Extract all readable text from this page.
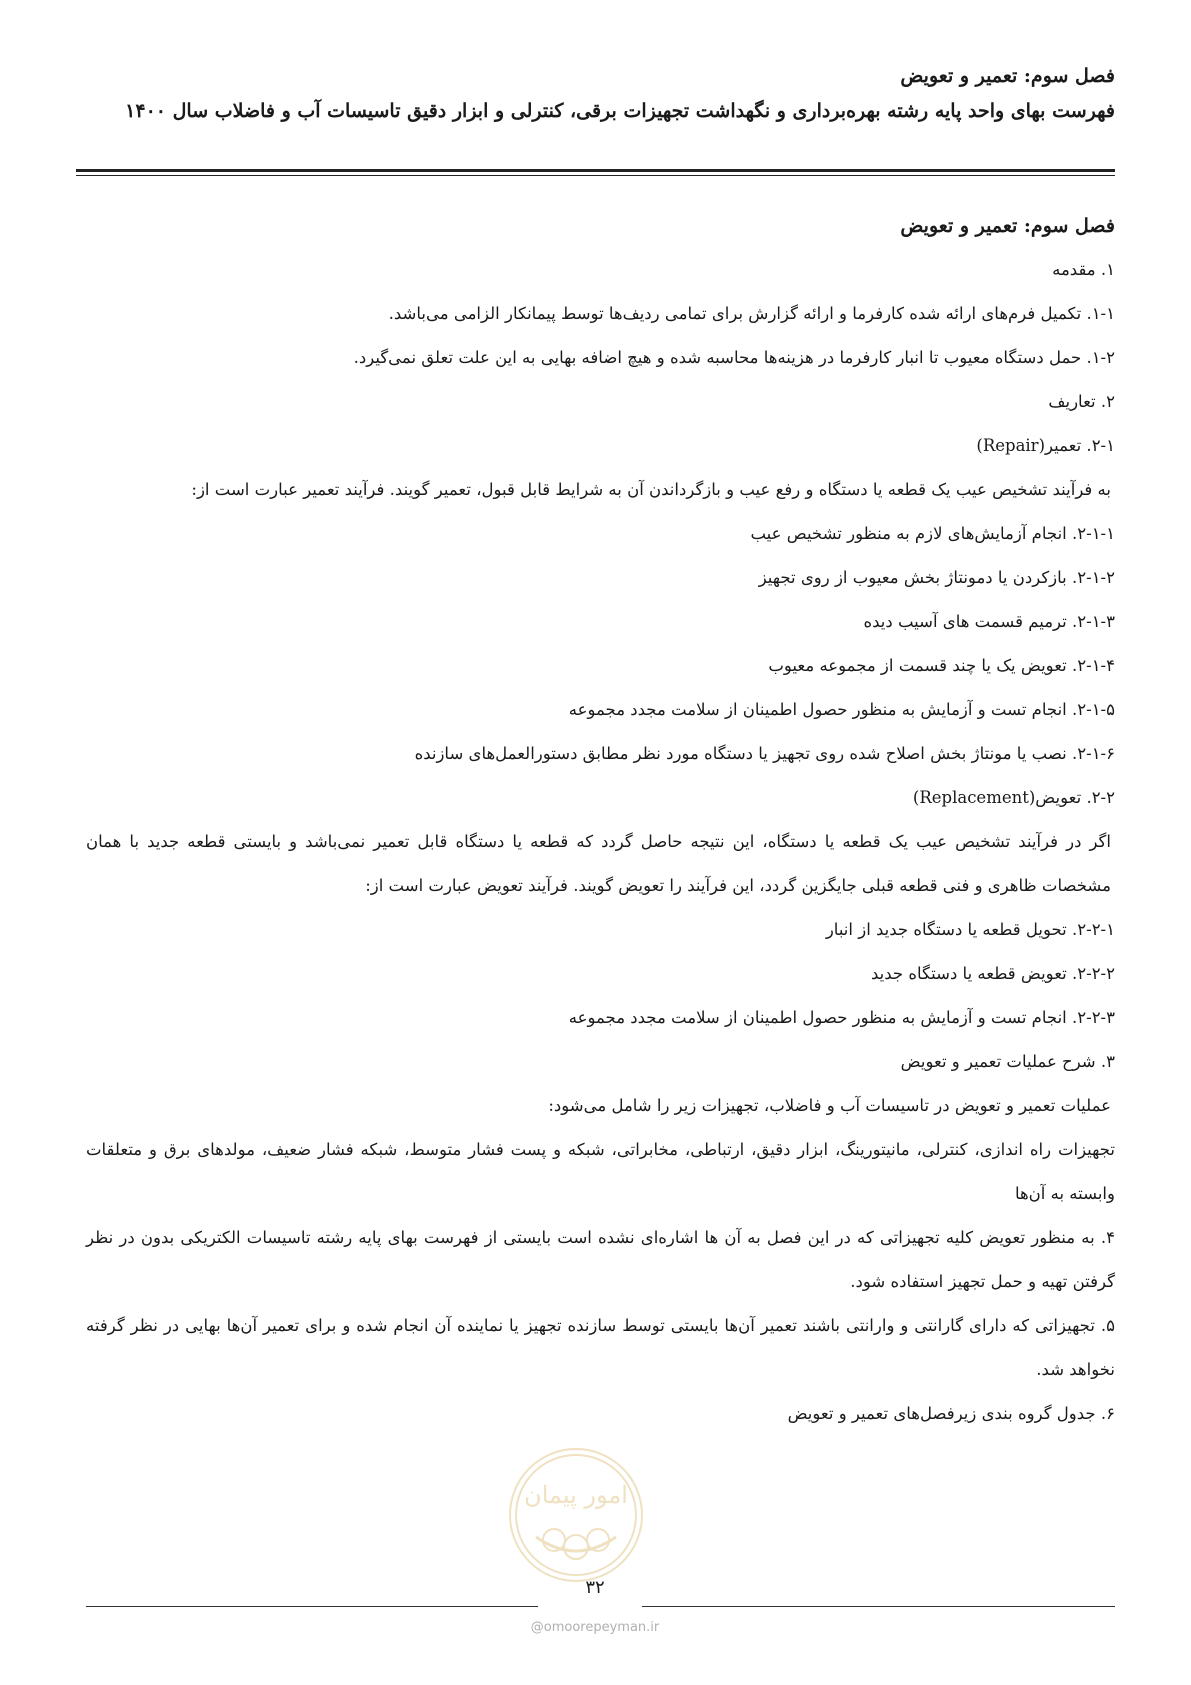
فصل سوم: تعمیر و تعویض
فهرست بهای واحد پایه رشته بهره‌برداری و نگهداشت تجهیزات برقی، کنترلی و ابزار دقیق تاسیسات آب و فاضلاب سال ۱۴۰۰

فصل سوم: تعمیر و تعویض

۱. مقدمه

۱-۱. تکمیل فرم‌های ارائه شده کارفرما و ارائه گزارش برای تمامی ردیف‌ها توسط پیمانکار الزامی می‌باشد.

۱-۲. حمل دستگاه معیوب تا انبار کارفرما در هزینه‌ها محاسبه شده و هیچ اضافه بهایی به این علت تعلق نمی‌گیرد.

۲. تعاریف

۲-۱. تعمیر(Repair)

به فرآیند تشخیص عیب یک قطعه یا دستگاه و رفع عیب و بازگرداندن آن به شرایط قابل قبول، تعمیر گویند. فرآیند تعمیر عبارت است از:

۲-۱-۱. انجام آزمایش‌های لازم به منظور تشخیص عیب

۲-۱-۲. بازکردن یا دمونتاژ بخش معیوب از روی تجهیز

۲-۱-۳. ترمیم قسمت های آسیب دیده

۲-۱-۴. تعویض یک یا چند قسمت از مجموعه معیوب

۲-۱-۵. انجام تست و آزمایش به منظور حصول اطمینان از سلامت مجدد مجموعه

۲-۱-۶. نصب یا مونتاژ بخش اصلاح شده روی تجهیز یا دستگاه مورد نظر مطابق دستورالعمل‌های سازنده

۲-۲. تعویض(Replacement)

اگر در فرآیند تشخیص عیب یک قطعه یا دستگاه، این نتیجه حاصل گردد که قطعه یا دستگاه قابل تعمیر نمی‌باشد و بایستی قطعه جدید با همان مشخصات ظاهری و فنی قطعه قبلی جایگزین گردد، این فرآیند را تعویض گویند. فرآیند تعویض عبارت است از:

۲-۲-۱. تحویل قطعه یا دستگاه جدید از انبار

۲-۲-۲. تعویض قطعه یا دستگاه جدید

۲-۲-۳. انجام تست و آزمایش به منظور حصول اطمینان از سلامت مجدد مجموعه

۳. شرح عملیات تعمیر و تعویض

عملیات تعمیر و تعویض در تاسیسات آب و فاضلاب، تجهیزات زیر را شامل می‌شود:

تجهیزات راه اندازی، کنترلی، مانیتورینگ، ابزار دقیق، ارتباطی، مخابراتی، شبکه و پست فشار متوسط، شبکه فشار ضعیف، مولدهای برق و متعلقات وابسته به آن‌ها

۴. به منظور تعویض کلیه تجهیزاتی که در این فصل به آن ها اشاره‌ای نشده است بایستی از فهرست بهای پایه رشته تاسیسات الکتریکی بدون در نظر گرفتن تهیه و حمل تجهیز استفاده شود.

۵. تجهیزاتی که دارای گارانتی و وارانتی باشند تعمیر آن‌ها بایستی توسط سازنده تجهیز یا نماینده آن انجام شده و برای تعمیر آن‌ها بهایی در نظر گرفته نخواهد شد.

۶. جدول گروه بندی زیرفصل‌های تعمیر و تعویض

امور پیمان
۳۲
@omoorepeyman.ir
